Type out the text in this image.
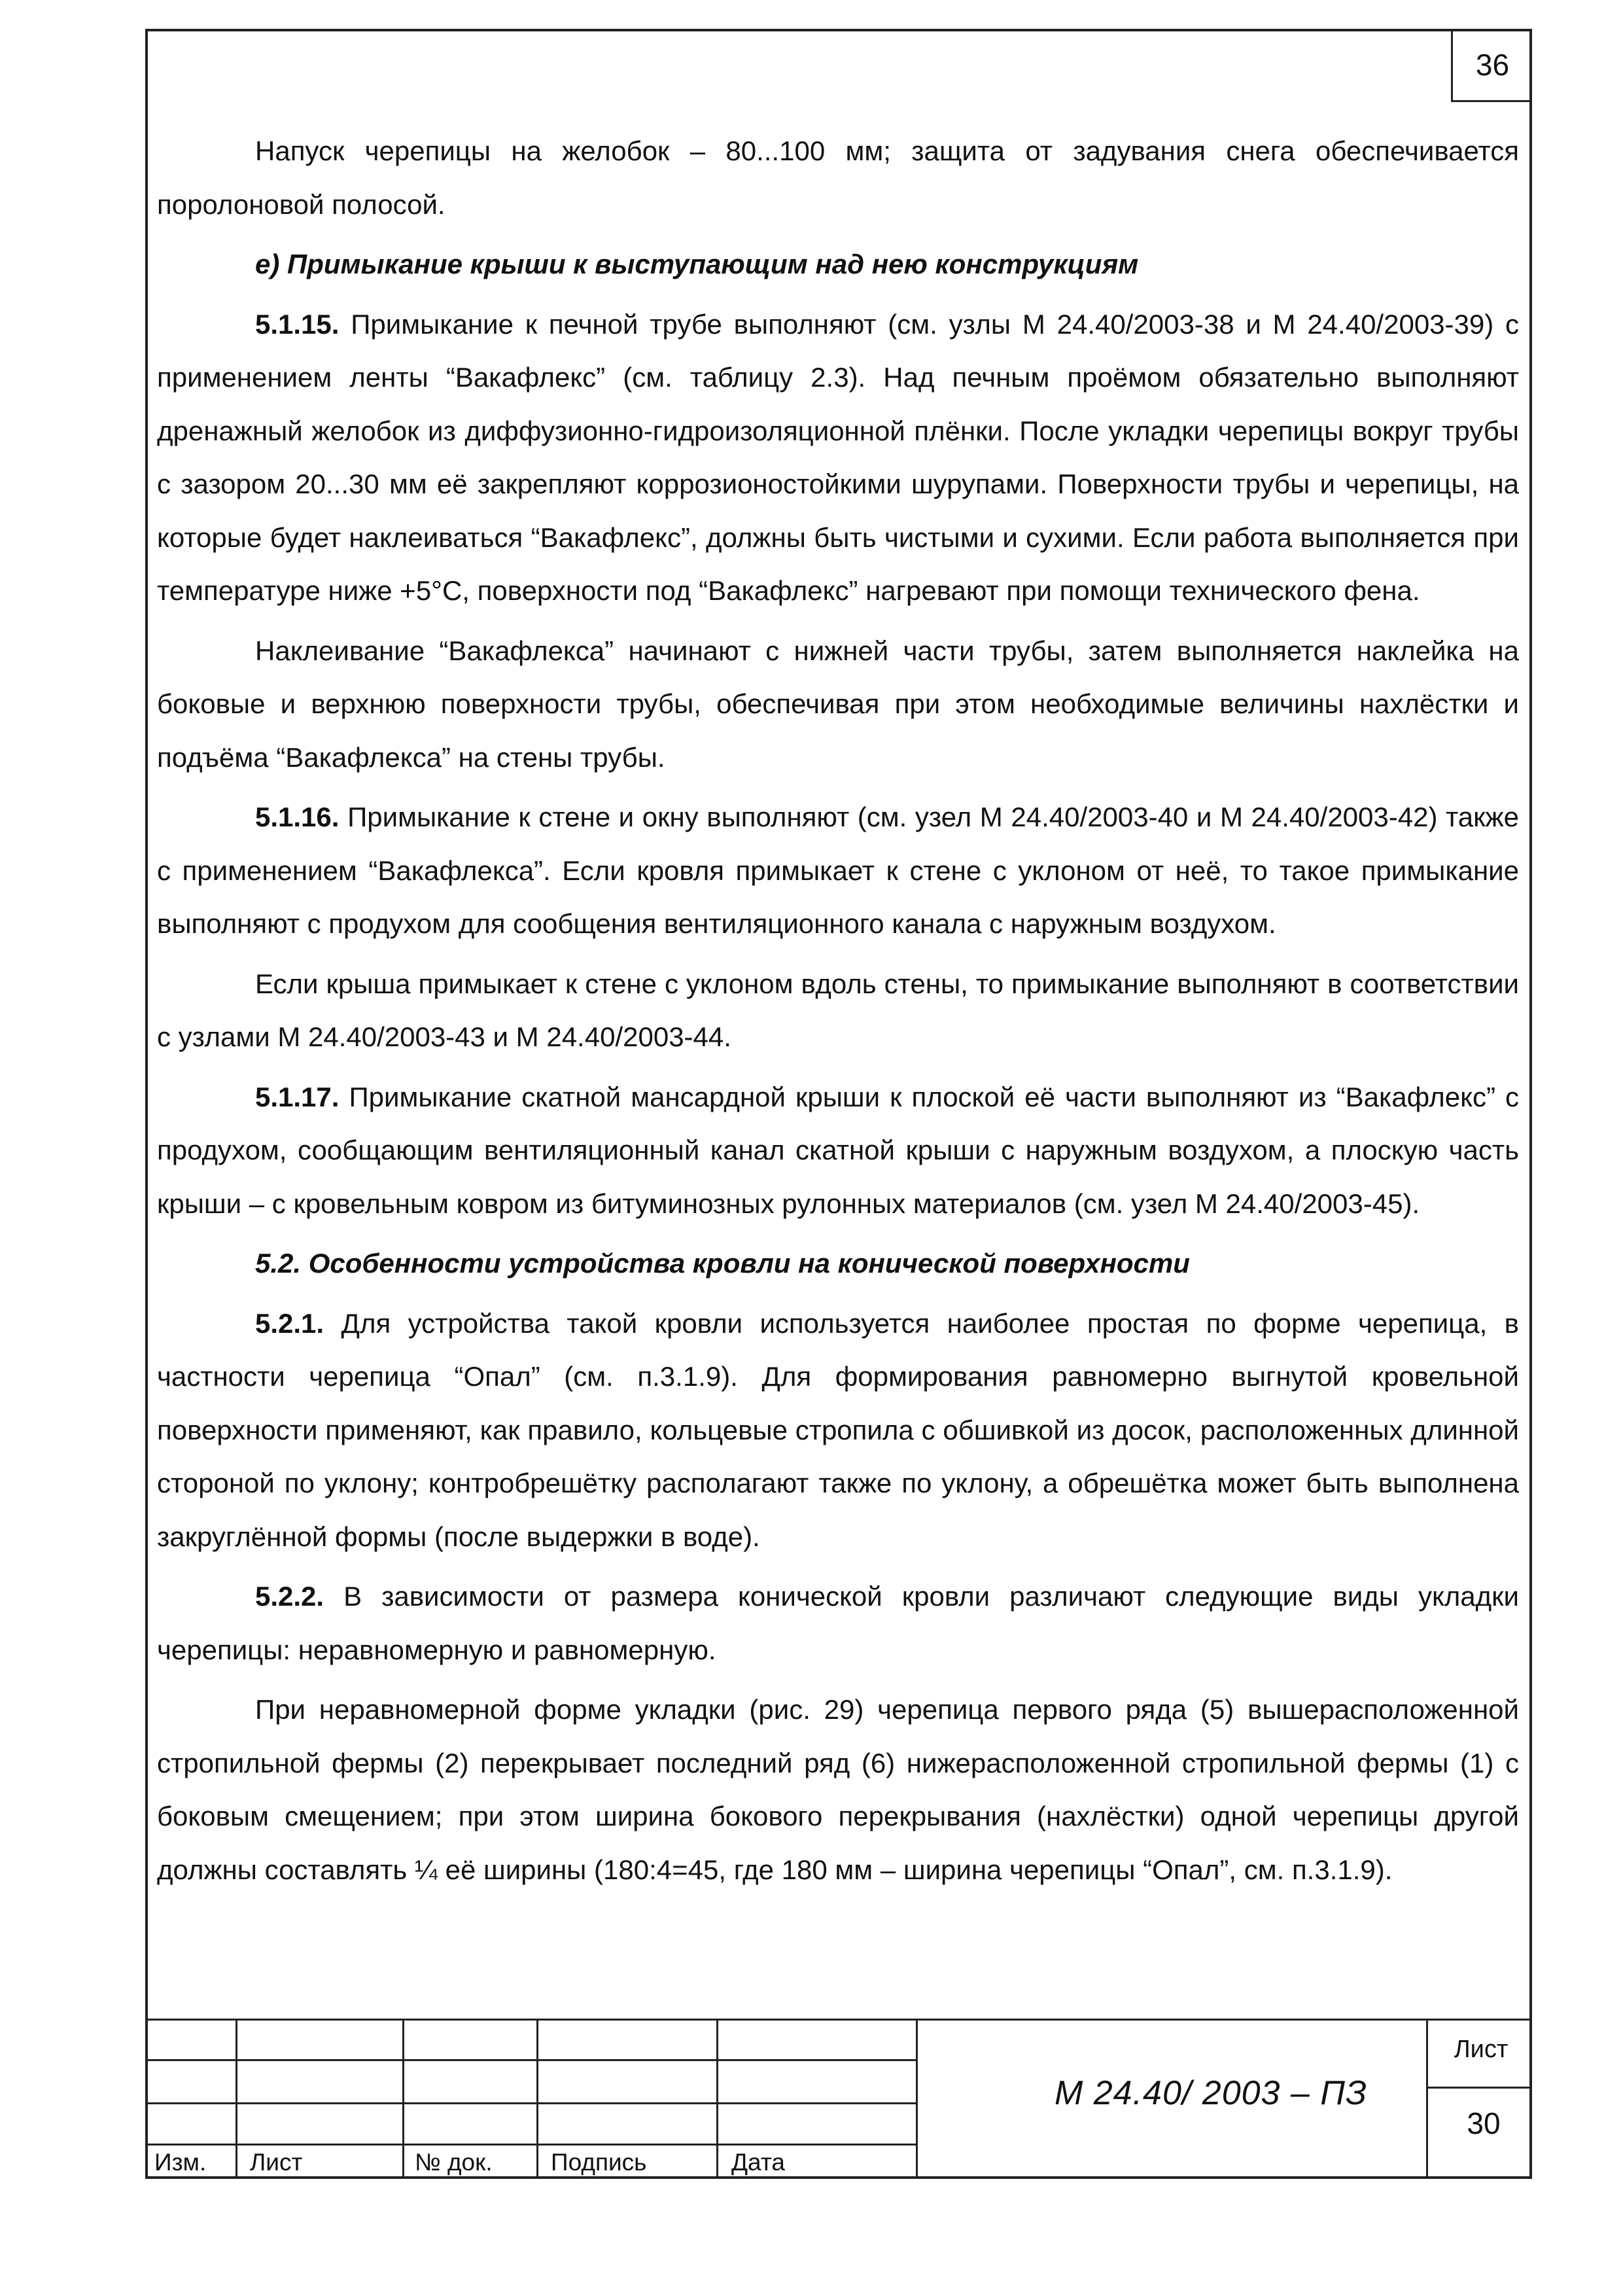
36

Напуск черепицы на желобок – 80...100 мм; защита от задувания снега обеспечивается поролоновой полосой.

е) Примыкание крыши к выступающим над нею конструкциям

5.1.15. Примыкание к печной трубе выполняют (см. узлы М 24.40/2003-38 и М 24.40/2003-39) с применением ленты “Вакафлекс” (см. таблицу 2.3). Над печным проёмом обязательно выполняют дренажный желобок из диффузионно-гидроизоляционной плёнки. После укладки черепицы вокруг трубы с зазором 20...30 мм её закрепляют коррозионостойкими шурупами. Поверхности трубы и черепицы, на которые будет наклеиваться “Вакафлекс”, должны быть чистыми и сухими. Если работа выполняется при температуре ниже +5°С, поверхности под “Вакафлекс” нагревают при помощи технического фена.

Наклеивание “Вакафлекса” начинают с нижней части трубы, затем выполняется наклейка на боковые и верхнюю поверхности трубы, обеспечивая при этом необходимые величины нахлёстки и подъёма “Вакафлекса” на стены трубы.

5.1.16. Примыкание к стене и окну выполняют (см. узел М 24.40/2003-40 и М 24.40/2003-42) также с применением “Вакафлекса”. Если кровля примыкает к стене с уклоном от неё, то такое примыкание выполняют с продухом для сообщения вентиляционного канала с наружным воздухом.

Если крыша примыкает к стене с уклоном вдоль стены, то примыкание выполняют в соответствии с узлами М 24.40/2003-43 и М 24.40/2003-44.

5.1.17. Примыкание скатной мансардной крыши к плоской её части выполняют из “Вакафлекс” с продухом, сообщающим вентиляционный канал скатной крыши с наружным воздухом, а плоскую часть крыши – с кровельным ковром из битуминозных рулонных материалов (см. узел М 24.40/2003-45).

5.2. Особенности устройства кровли на конической поверхности

5.2.1. Для устройства такой кровли используется наиболее простая по форме черепица, в частности черепица “Опал” (см. п.3.1.9). Для формирования равномерно выгнутой кровельной поверхности применяют, как правило, кольцевые стропила с обшивкой из досок, расположенных длинной стороной по уклону; контробрешётку располагают также по уклону, а обрешётка может быть выполнена закруглённой формы (после выдержки в воде).

5.2.2. В зависимости от размера конической кровли различают следующие виды укладки черепицы: неравномерную и равномерную.

При неравномерной форме укладки (рис. 29) черепица первого ряда (5) вышерасположенной стропильной фермы (2) перекрывает последний ряд (6) нижерасположенной стропильной фермы (1) с боковым смещением; при этом ширина бокового перекрывания (нахлёстки) одной черепицы другой должны составлять ¼ её ширины (180:4=45, где 180 мм – ширина черепицы “Опал”, см. п.3.1.9).

Изм. Лист	№ док. Подпись	Дата
М 24.40/ 2003 – ПЗ
Лист
30
